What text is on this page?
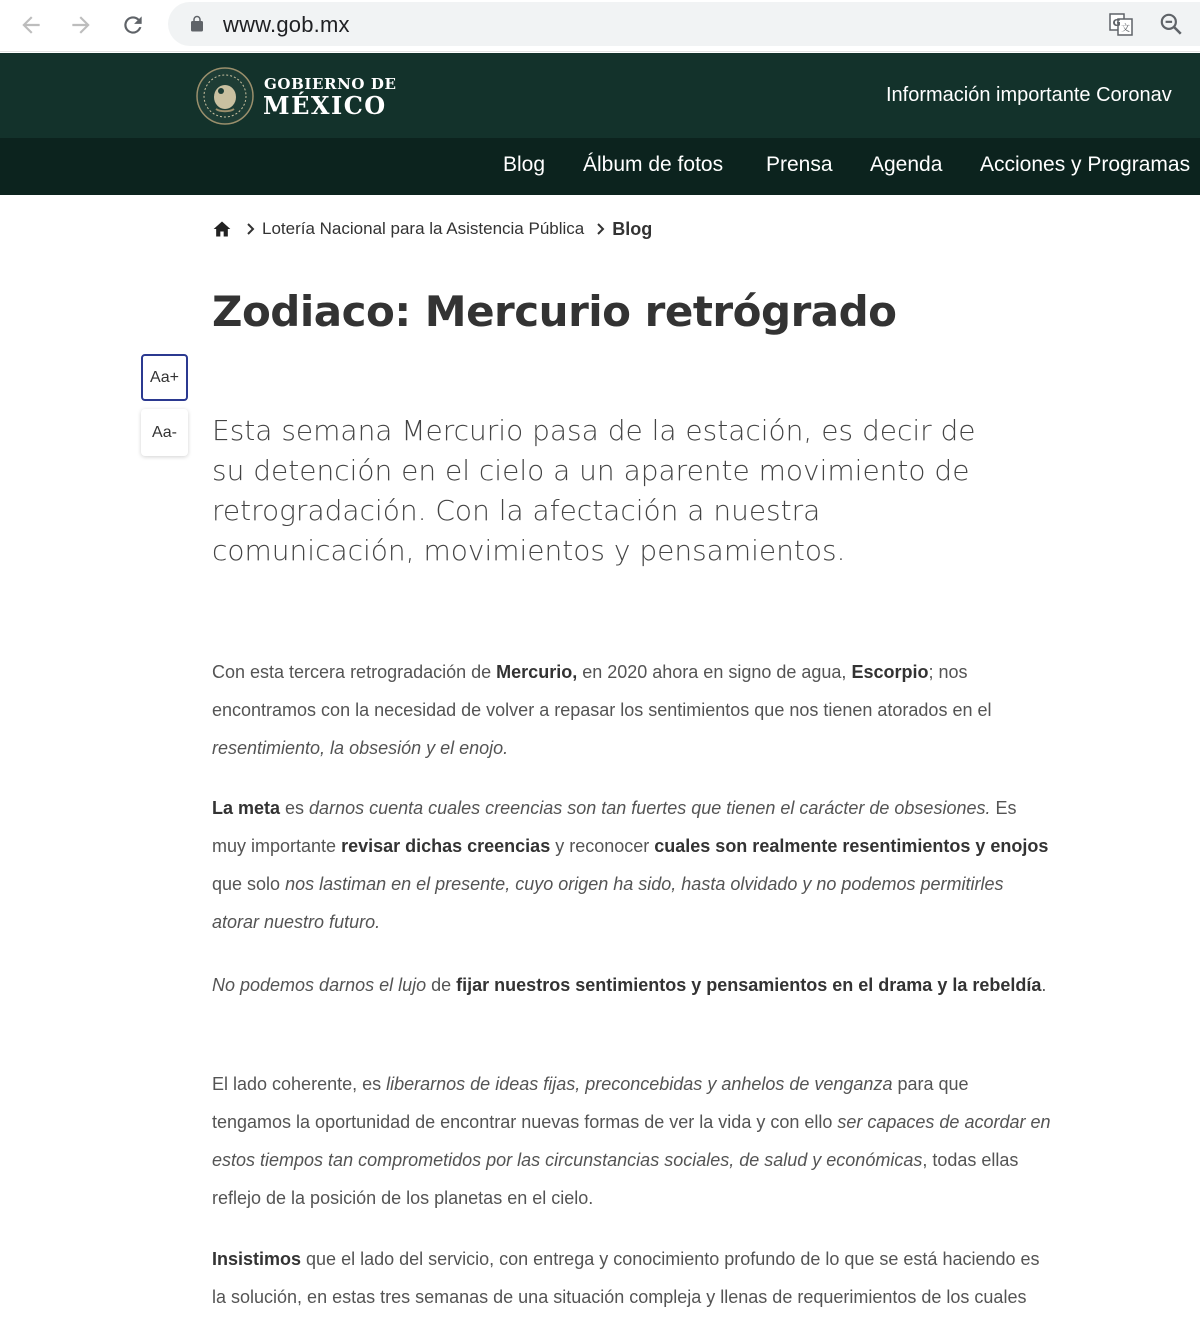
www.gob.mx	G 文
GOBIERNO DE
MÉXICO	Información importante Coronav
Blog Álbum de fotos Prensa Agenda Acciones y Programas
Lotería Nacional para la Asistencia Pública Blog
Zodiaco: Mercurio retrógrado
Aa+
Aa-	Esta semana Mercurio pasa de la estación, es decir de su detención en el cielo a un aparente movimiento de retrogradación. Con la afectación a nuestra comunicación, movimientos y pensamientos.

Con esta tercera retrogradación de Mercurio, en 2020 ahora en signo de agua, Escorpio; nos encontramos con la necesidad de volver a repasar los sentimientos que nos tienen atorados en el resentimiento, la obsesión y el enojo.

La meta es darnos cuenta cuales creencias son tan fuertes que tienen el carácter de obsesiones. Es muy importante revisar dichas creencias y reconocer cuales son realmente resentimientos y enojos que solo nos lastiman en el presente, cuyo origen ha sido, hasta olvidado y no podemos permitirles atorar nuestro futuro.

No podemos darnos el lujo de fijar nuestros sentimientos y pensamientos en el drama y la rebeldía.

El lado coherente, es liberarnos de ideas fijas, preconcebidas y anhelos de venganza para que tengamos la oportunidad de encontrar nuevas formas de ver la vida y con ello ser capaces de acordar en estos tiempos tan comprometidos por las circunstancias sociales, de salud y económicas, todas ellas reflejo de la posición de los planetas en el cielo.

Insistimos que el lado del servicio, con entrega y conocimiento profundo de lo que se está haciendo es la solución, en estas tres semanas de una situación compleja y llenas de requerimientos de los cuales
